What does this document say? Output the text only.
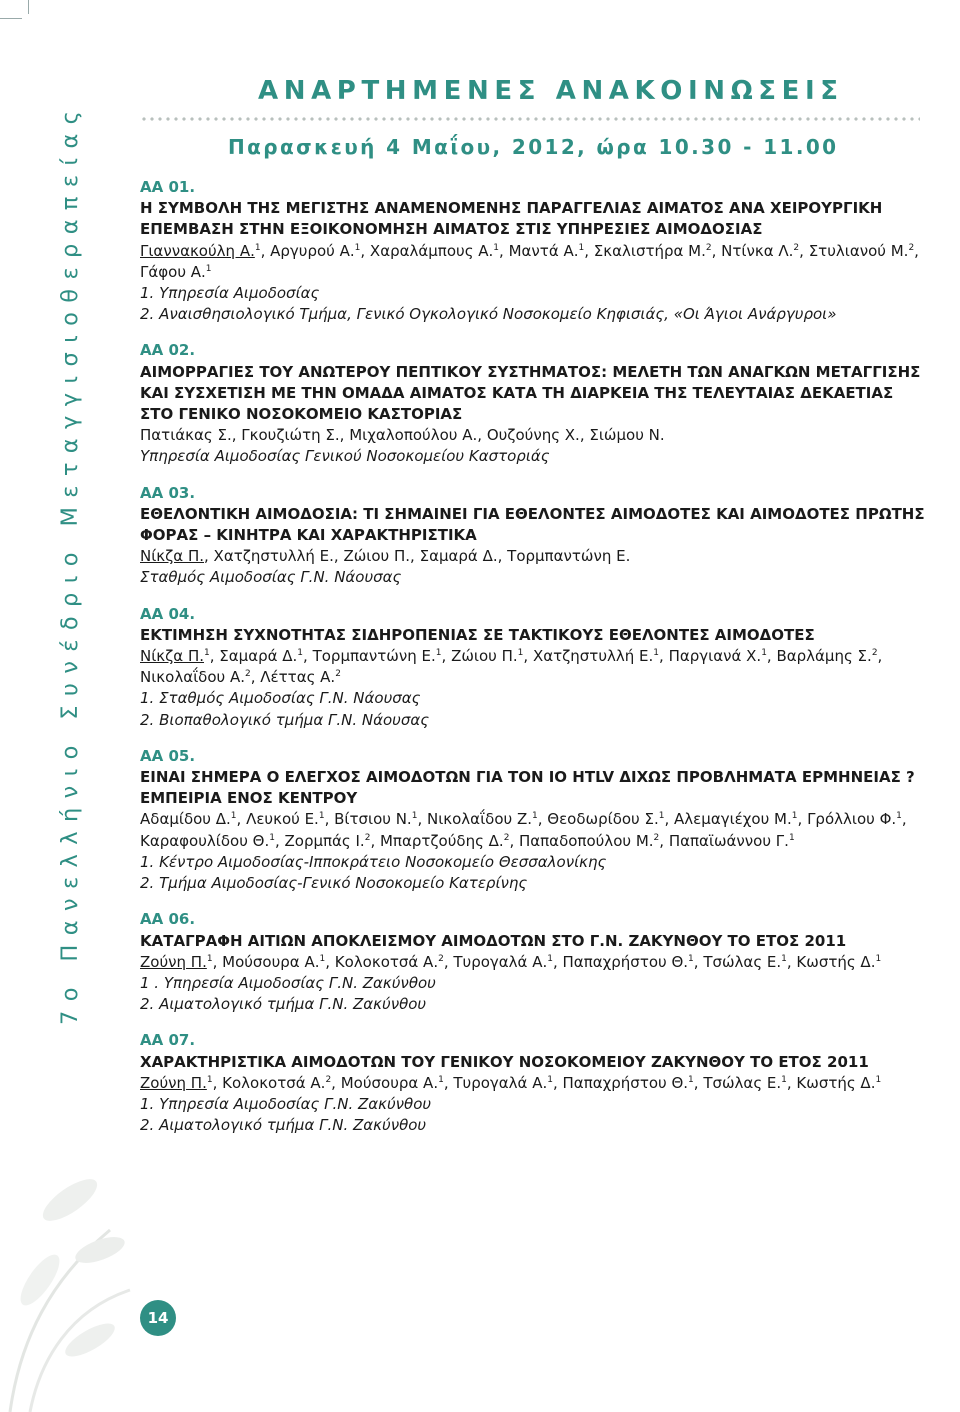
7ο Πανελλήνιο Συνέδριο Μεταγγισιοθεραπείας
14
ΑΝΑΡΤΗΜΕΝΕΣ ΑΝΑΚΟΙΝΩΣΕΙΣ
Παρασκευή 4 Μαΐου, 2012, ώρα 10.30 - 11.00
ΑΑ 01.
Η ΣΥΜΒΟΛΗ ΤΗΣ ΜΕΓΙΣΤΗΣ ΑΝΑΜΕΝΟΜΕΝΗΣ ΠΑΡΑΓΓΕΛΙΑΣ ΑΙΜΑΤΟΣ ΑΝΑ ΧΕΙΡΟΥΡΓΙΚΗ ΕΠΕΜΒΑΣΗ ΣΤΗΝ ΕΞΟΙΚΟΝΟΜΗΣΗ ΑΙΜΑΤΟΣ ΣΤΙΣ ΥΠΗΡΕΣΙΕΣ ΑΙΜΟΔΟΣΙΑΣ
Γιαννακούλη Α.$^1$, Αργυρού Α.$^1$, Χαραλάμπους Α.$^1$, Μαντά Α.$^1$, Σκαλιστήρα Μ.$^2$, Ντίνκα Λ.$^2$, Στυλιανού Μ.$^2$, Γάφου Α.$^1$
1. Υπηρεσία Αιμοδοσίας
2. Αναισθησιολογικό Τμήμα, Γενικό Ογκολογικό Νοσοκομείο Κηφισιάς, «Οι Άγιοι Ανάργυροι»
ΑΑ 02.
ΑΙΜΟΡΡΑΓΙΕΣ ΤΟΥ ΑΝΩΤΕΡΟΥ ΠΕΠΤΙΚΟΥ ΣΥΣΤΗΜΑΤΟΣ: ΜΕΛΕΤΗ ΤΩΝ ΑΝΑΓΚΩΝ ΜΕΤΑΓΓΙΣΗΣ ΚΑΙ ΣΥΣΧΕΤΙΣΗ ΜΕ ΤΗΝ ΟΜΑΔΑ ΑΙΜΑΤΟΣ ΚΑΤΑ ΤΗ ΔΙΑΡΚΕΙΑ ΤΗΣ ΤΕΛΕΥΤΑΙΑΣ ΔΕΚΑΕΤΙΑΣ ΣΤΟ ΓΕΝΙΚΟ ΝΟΣΟΚΟΜΕΙΟ ΚΑΣΤΟΡΙΑΣ
Πατιάκας Σ., Γκουζιώτη Σ., Μιχαλοπούλου Α., Ουζούνης Χ., Σιώμου Ν.
Υπηρεσία Αιμοδοσίας Γενικού Νοσοκομείου Καστοριάς
ΑΑ 03.
ΕΘΕΛΟΝΤΙΚΗ ΑΙΜΟΔΟΣΙΑ: ΤΙ ΣΗΜΑΙΝΕΙ ΓΙΑ ΕΘΕΛΟΝΤΕΣ ΑΙΜΟΔΟΤΕΣ ΚΑΙ ΑΙΜΟΔΟΤΕΣ ΠΡΩΤΗΣ ΦΟΡΑΣ – ΚΙΝΗΤΡΑ ΚΑΙ ΧΑΡΑΚΤΗΡΙΣΤΙΚΑ
Νίκζα Π., Χατζηστυλλή Ε., Ζώιου Π., Σαμαρά Δ., Τορμπαντώνη Ε.
Σταθμός Αιμοδοσίας Γ.Ν. Νάουσας
ΑΑ 04.
ΕΚΤΙΜΗΣΗ ΣΥΧΝΟΤΗΤΑΣ ΣΙΔΗΡΟΠΕΝΙΑΣ ΣΕ ΤΑΚΤΙΚΟΥΣ ΕΘΕΛΟΝΤΕΣ ΑΙΜΟΔΟΤΕΣ
Νίκζα Π.$^1$, Σαμαρά Δ.$^1$, Τορμπαντώνη Ε.$^1$, Ζώιου Π.$^1$, Χατζηστυλλή Ε.$^1$, Παργιανά Χ.$^1$, Βαρλάμης Σ.$^2$, Νικολαΐδου Α.$^2$, Λέττας Α.$^2$
1. Σταθμός Αιμοδοσίας Γ.Ν. Νάουσας
2. Βιοπαθολογικό τμήμα Γ.Ν. Νάουσας
ΑΑ 05.
ΕΙΝΑΙ ΣΗΜΕΡΑ Ο ΕΛΕΓΧΟΣ ΑΙΜΟΔΟΤΩΝ ΓΙΑ ΤΟΝ ΙΟ HTLV ΔΙΧΩΣ ΠΡΟΒΛΗΜΑΤΑ ΕΡΜΗΝΕΙΑΣ ? ΕΜΠΕΙΡΙΑ ΕΝΟΣ ΚΕΝΤΡΟΥ
Αδαμίδου Δ.$^1$, Λευκού Ε.$^1$, Βίτσιου Ν.$^1$, Νικολαΐδου Ζ.$^1$, Θεοδωρίδου Σ.$^1$, Αλεμαγιέχου Μ.$^1$, Γρόλλιου Φ.$^1$, Καραφουλίδου Θ.$^1$, Ζορμπάς Ι.$^2$, Μπαρτζούδης Δ.$^2$, Παπαδοπούλου Μ.$^2$, Παπαϊωάννου Γ.$^1$
1. Κέντρο Αιμοδοσίας-Ιπποκράτειο Νοσοκομείο Θεσσαλονίκης
2. Τμήμα Αιμοδοσίας-Γενικό Νοσοκομείο Κατερίνης
ΑΑ 06.
ΚΑΤΑΓΡΑΦΗ ΑΙΤΙΩΝ ΑΠΟΚΛΕΙΣΜΟΥ ΑΙΜΟΔΟΤΩΝ ΣΤΟ Γ.Ν. ΖΑΚΥΝΘΟΥ ΤΟ ΕΤΟΣ 2011
Ζούνη Π.$^1$, Μούσουρα Α.$^1$, Κολοκοτσά Α.$^2$, Τυρογαλά Α.$^1$, Παπαχρήστου Θ.$^1$, Τσώλας Ε.$^1$, Κωστής Δ.$^1$
1 . Υπηρεσία Αιμοδοσίας Γ.Ν. Ζακύνθου
2. Αιματολογικό τμήμα Γ.Ν. Ζακύνθου
ΑΑ 07.
ΧΑΡΑΚΤΗΡΙΣΤΙΚΑ ΑΙΜΟΔΟΤΩΝ ΤΟΥ ΓΕΝΙΚΟΥ ΝΟΣΟΚΟΜΕΙΟΥ ΖΑΚΥΝΘΟΥ ΤΟ ΕΤΟΣ 2011
Ζούνη Π.$^1$, Κολοκοτσά Α.$^2$, Μούσουρα Α.$^1$, Τυρογαλά Α.$^1$, Παπαχρήστου Θ.$^1$, Τσώλας Ε.$^1$, Κωστής Δ.$^1$
1. Υπηρεσία Αιμοδοσίας Γ.Ν. Ζακύνθου
2. Αιματολογικό τμήμα Γ.Ν. Ζακύνθου
